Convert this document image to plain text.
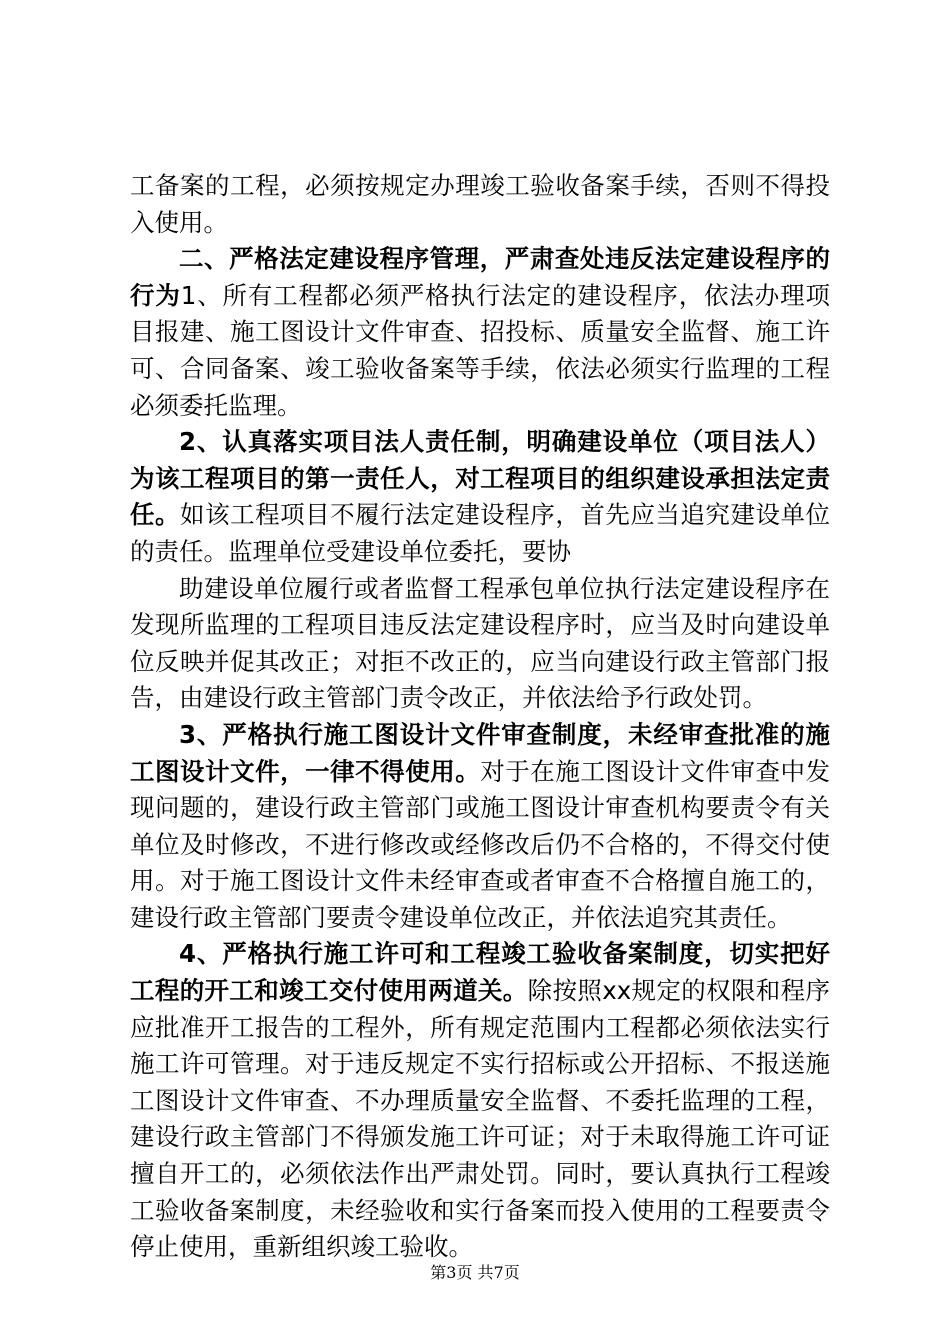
工备案的工程，必须按规定办理竣工验收备案手续，否则不得投入使用。

二、严格法定建设程序管理，严肃查处违反法定建设程序的行为1、所有工程都必须严格执行法定的建设程序，依法办理项目报建、施工图设计文件审查、招投标、质量安全监督、施工许可、合同备案、竣工验收备案等手续，依法必须实行监理的工程必须委托监理。

2、认真落实项目法人责任制，明确建设单位（项目法人）为该工程项目的第一责任人，对工程项目的组织建设承担法定责任。如该工程项目不履行法定建设程序，首先应当追究建设单位的责任。监理单位受建设单位委托，要协

助建设单位履行或者监督工程承包单位执行法定建设程序在发现所监理的工程项目违反法定建设程序时，应当及时向建设单位反映并促其改正；对拒不改正的，应当向建设行政主管部门报告，由建设行政主管部门责令改正，并依法给予行政处罚。

3、严格执行施工图设计文件审查制度，未经审查批准的施工图设计文件，一律不得使用。对于在施工图设计文件审查中发现问题的，建设行政主管部门或施工图设计审查机构要责令有关单位及时修改，不进行修改或经修改后仍不合格的，不得交付使用。对于施工图设计文件未经审查或者审查不合格擅自施工的，建设行政主管部门要责令建设单位改正，并依法追究其责任。

4、严格执行施工许可和工程竣工验收备案制度，切实把好工程的开工和竣工交付使用两道关。除按照xx规定的权限和程序应批准开工报告的工程外，所有规定范围内工程都必须依法实行施工许可管理。对于违反规定不实行招标或公开招标、不报送施工图设计文件审查、不办理质量安全监督、不委托监理的工程，建设行政主管部门不得颁发施工许可证；对于未取得施工许可证擅自开工的，必须依法作出严肃处罚。同时，要认真执行工程竣工验收备案制度，未经验收和实行备案而投入使用的工程要责令停止使用，重新组织竣工验收。

第3页 共7页
